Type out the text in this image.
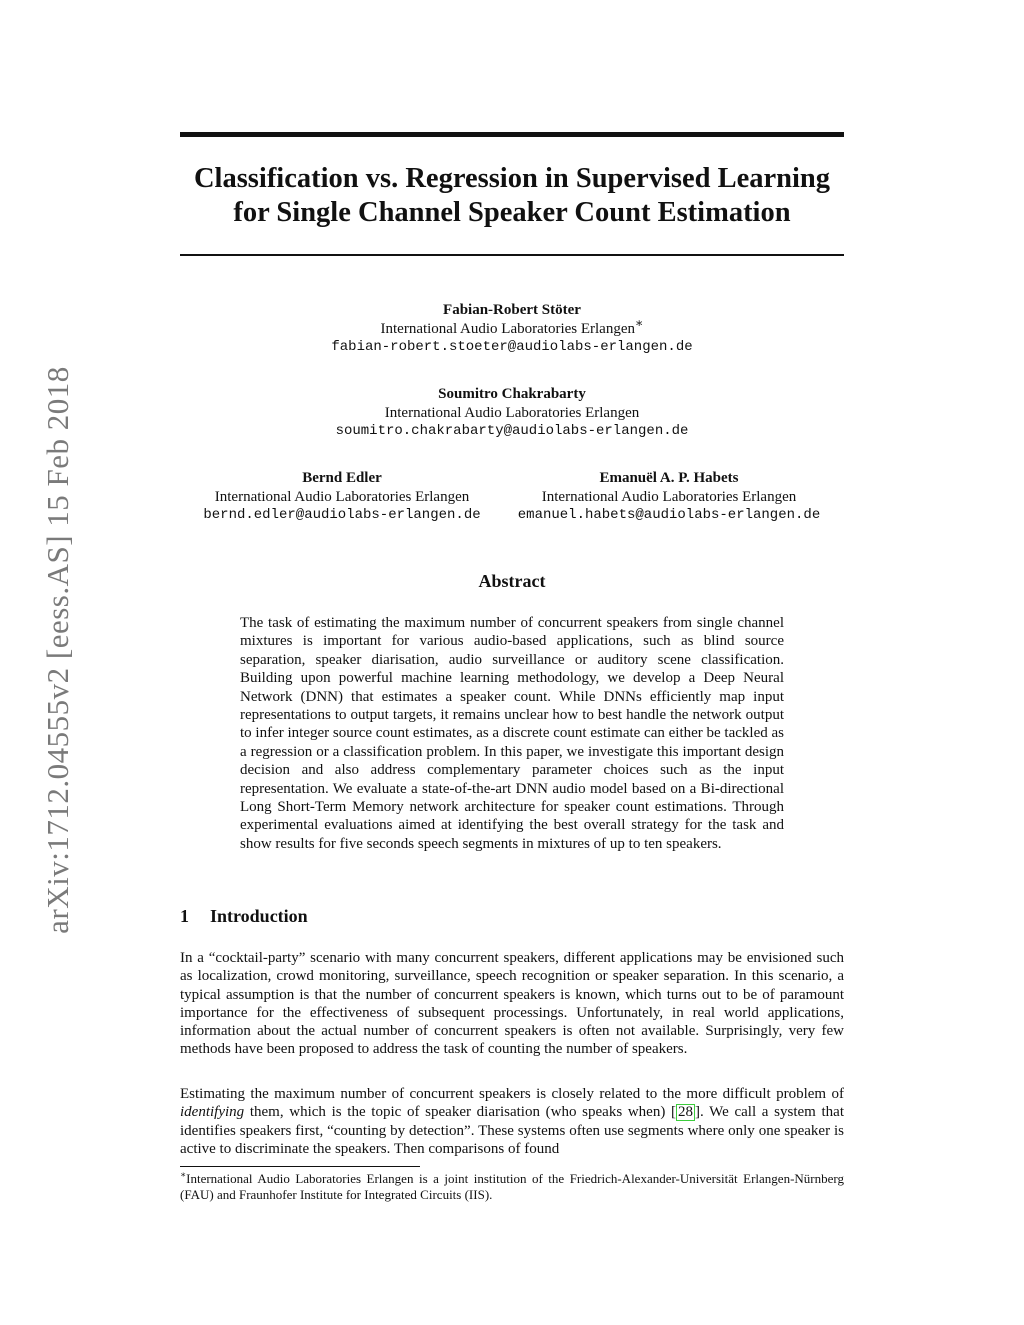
arXiv:1712.04555v2 [eess.AS] 15 Feb 2018
Classification vs. Regression in Supervised Learning
for Single Channel Speaker Count Estimation
Fabian-Robert Stöter
International Audio Laboratories Erlangen∗
fabian-robert.stoeter@audiolabs-erlangen.de
Soumitro Chakrabarty
International Audio Laboratories Erlangen
soumitro.chakrabarty@audiolabs-erlangen.de
Bernd Edler
International Audio Laboratories Erlangen
bernd.edler@audiolabs-erlangen.de
Emanuël A. P. Habets
International Audio Laboratories Erlangen
emanuel.habets@audiolabs-erlangen.de
Abstract
The task of estimating the maximum number of concurrent speakers from single channel mixtures is important for various audio-based applications, such as blind source separation, speaker diarisation, audio surveillance or auditory scene classification. Building upon powerful machine learning methodology, we develop a Deep Neural Network (DNN) that estimates a speaker count. While DNNs efficiently map input representations to output targets, it remains unclear how to best handle the network output to infer integer source count estimates, as a discrete count estimate can either be tackled as a regression or a classification problem. In this paper, we investigate this important design decision and also address complementary parameter choices such as the input representation. We evaluate a state-of-the-art DNN audio model based on a Bi-directional Long Short-Term Memory network architecture for speaker count estimations. Through experimental evaluations aimed at identifying the best overall strategy for the task and show results for five seconds speech segments in mixtures of up to ten speakers.
1 Introduction
In a “cocktail-party” scenario with many concurrent speakers, different applications may be envisioned such as localization, crowd monitoring, surveillance, speech recognition or speaker separation. In this scenario, a typical assumption is that the number of concurrent speakers is known, which turns out to be of paramount importance for the effectiveness of subsequent processings. Unfortunately, in real world applications, information about the actual number of concurrent speakers is often not available. Surprisingly, very few methods have been proposed to address the task of counting the number of speakers.
Estimating the maximum number of concurrent speakers is closely related to the more difficult problem of identifying them, which is the topic of speaker diarisation (who speaks when) [ 28 ]. We call a system that identifies speakers first, “counting by detection”. These systems often use segments where only one speaker is active to discriminate the speakers. Then comparisons of found
∗International Audio Laboratories Erlangen is a joint institution of the Friedrich-Alexander-Universität Erlangen-Nürnberg (FAU) and Fraunhofer Institute for Integrated Circuits (IIS).
